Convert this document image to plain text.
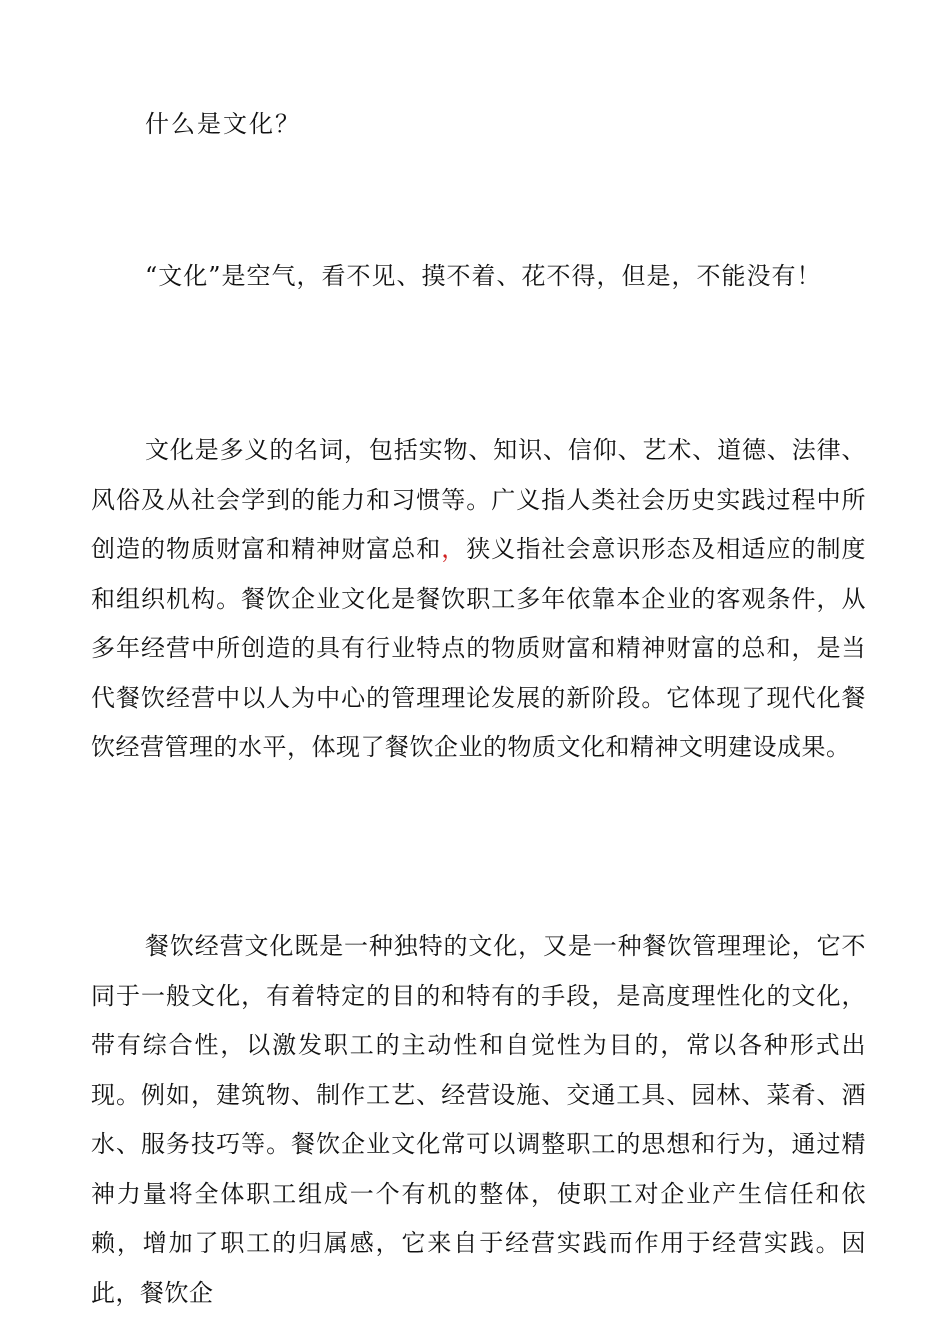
什么是文化？

“文化”是空气，看不见、摸不着、花不得，但是，不能没有！

文化是多义的名词，包括实物、知识、信仰、艺术、道德、法律、风俗及从社会学到的能力和习惯等。广义指人类社会历史实践过程中所创造的物质财富和精神财富总和，狭义指社会意识形态及相适应的制度和组织机构。餐饮企业文化是餐饮职工多年依靠本企业的客观条件，从多年经营中所创造的具有行业特点的物质财富和精神财富的总和，是当代餐饮经营中以人为中心的管理理论发展的新阶段。它体现了现代化餐饮经营管理的水平，体现了餐饮企业的物质文化和精神文明建设成果。

餐饮经营文化既是一种独特的文化，又是一种餐饮管理理论，它不同于一般文化，有着特定的目的和特有的手段，是高度理性化的文化，带有综合性，以激发职工的主动性和自觉性为目的，常以各种形式出现。例如，建筑物、制作工艺、经营设施、交通工具、园林、菜肴、酒水、服务技巧等。餐饮企业文化常可以调整职工的思想和行为，通过精神力量将全体职工组成一个有机的整体，使职工对企业产生信任和依赖，增加了职工的归属感，它来自于经营实践而作用于经营实践。因此，餐饮企
